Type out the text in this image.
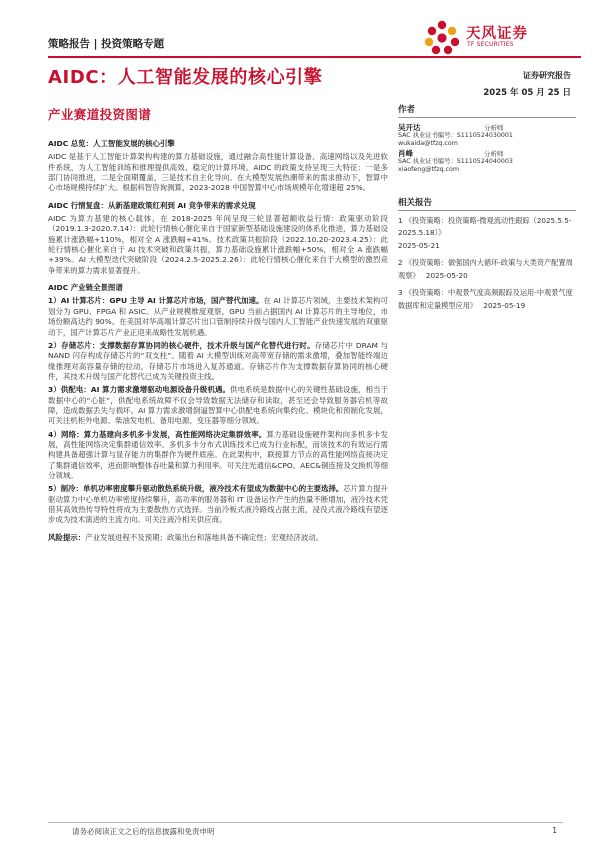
策略报告 | 投资策略专题
天风证券
TF SECURITIES
AIDC：人工智能发展的核心引擎	证券研究报告
2025 年 05 月 25 日
产业赛道投资图谱
AIDC 总览：人工智能发展的核心引擎
AIDC 是基于人工智能计算架构构建的算力基础设施，通过融合高性能计算设备、高速网络以及先进软件系统，为人工智能训练和推理提供高效、稳定的计算环境。AIDC 的政策支持呈现三大特征：一是多部门协同推进，二是全面期覆盖，三是技术自主化导向。在大模型发展热潮带来的需求推动下，智算中心市场规模持续扩大。根据科智咨询测算，2023-2028 中国智算中心市场规模年化增速超 25%。
AIDC 行情复盘：从新基建政策红利到 AI 竞争带来的需求兑现
AIDC 为算力基建的核心载体，在 2018-2025 年间呈现三轮显著超额收益行情：政策驱动阶段（2019.1.3-2020.7.14）：此轮行情核心催化来自于国家新型基础设施建设的体系化推进，算力基础设施累计涨跌幅+110%，相对全 A 涨跌幅+41%。技术政策共振阶段（2022.10.20-2023.4.25）：此轮行情核心催化来自于 AI 技术突破和政策共振，算力基础设施累计涨跌幅+50%，相对全 A 涨跌幅+39%。AI 大模型迭代突破阶段（2024.2.5-2025.2.26）：此轮行情核心催化来自于大模型的激烈竞争带来的算力需求显著提升。
AIDC 产业链全景图谱
1）AI 计算芯片：GPU 主导 AI 计算芯片市场，国产替代加速。在 AI 计算芯片领域，主要技术架构可划分为 GPU、FPGA 和 ASIC。从产业规模维度观察，GPU 当前占据国内 AI 计算芯片的主导地位，市场份额高达约 90%。在美国对华高端计算芯片出口管制持续升级与国内人工智能产业快速发展的双重驱动下，国产计算芯片产业正迎来战略性发展机遇。
2）存储芯片：支撑数据存算协同的核心硬件，技术升级与国产化替代进行时。存储芯片中 DRAM 与 NAND 闪存构成存储芯片的“双支柱”。随着 AI 大模型训练对高带宽存储的需求激增，叠加智能终端边缘推理对高容量存储的拉动，存储芯片市场进入复苏通道。存储芯片作为支撑数据存算协同的核心硬件，其技术升级与国产化替代已成为关键投资主线。
3）供配电：AI 算力需求激增驱动电源设备升级机遇。供电系统是数据中心的关键性基础设施，相当于数据中心的“心脏”，供配电系统故障不仅会导致数据无法储存和读取，甚至还会导致服务器宕机等故障，造成数据丢失与损坏。AI 算力需求激增倒逼智算中心供配电系统向集约化、模块化和预制化发展，可关注机柜外电源、柴油发电机、备用电源、变压器等细分领域。
4）网络：算力基建向多机多卡发展，高性能网络决定集群效率。算力基础设施硬件架构向多机多卡发展，高性能网络决定集群通信效率。多机多卡分布式训练技术已成为行业标配，而该技术的有效运行需构建具备超强计算与显存能力的集群作为硬件底座。在此架构中，联接算力节点的高性能网络直接决定了集群通信效率，进而影响整体吞吐量和算力利用率。可关注光通信&CPO、AEC&铜连接及交换机等细分领域。
5）制冷：单机功率密度攀升驱动散热系统升级，液冷技术有望成为数据中心的主要选择。芯片算力提升驱动算力中心单机功率密度持续攀升，高功率的服务器和 IT 设备运作产生的热量不断增加，液冷技术凭借其高效热传导特性将成为主要散热方式选择。当前冷板式液冷路线占据主流，浸没式液冷路线有望逐步成为技术演进的主流方向。可关注液冷相关供应商。
风险提示：产业发展进程不及预期；政策出台和落地具备不确定性；宏观经济波动。
作者
吴开达	分析师
SAC 执业证书编号：S1110524030001
wukaida@tfzq.com
肖峰	分析师
SAC 执业证书编号：S1110524040003
xiaofeng@tfzq.com
相关报告
1 《投资策略：投资策略-微观流动性跟踪（2025.5.5-2025.5.18）》
2025-05-21
2 《投资策略：做强国内大循环-政策与大类资产配置周观察》 2025-05-20
3 《投资策略：中观景气度高频跟踪及运用-中观景气度数据库和定量模型应用》 2025-05-19
请务必阅读正文之后的信息披露和免责申明	1
